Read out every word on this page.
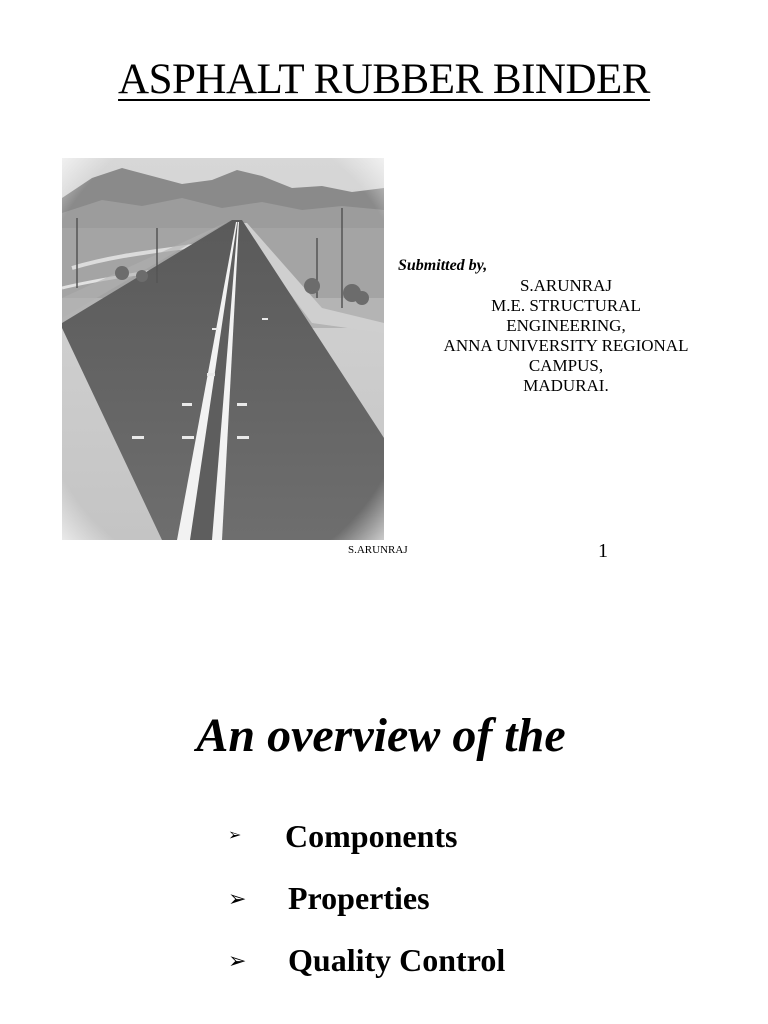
ASPHALT RUBBER BINDER
Submitted by,
S.ARUNRAJ
M.E. STRUCTURAL
ENGINEERING,
ANNA UNIVERSITY REGIONAL
CAMPUS,
MADURAI.
S.ARUNRAJ	1
An overview of the
➢ Components
➢ Properties
➢ Quality Control
